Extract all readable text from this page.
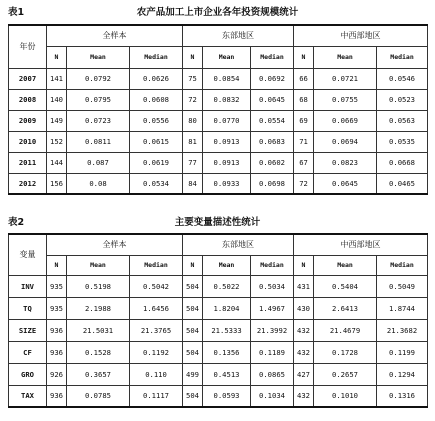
表1	农产品加工上市企业各年投资规模统计
年份	全样本			东部地区			中西部地区		
	N	Mean	Median	N	Mean	Median	N	Mean	Median
2007	141	0.0792	0.0626	75	0.0854	0.0692	66	0.0721	0.0546
2008	140	0.0795	0.0608	72	0.0832	0.0645	68	0.0755	0.0523
2009	149	0.0723	0.0556	80	0.0770	0.0554	69	0.0669	0.0563
2010	152	0.0811	0.0615	81	0.0913	0.0683	71	0.0694	0.0535
2011	144	0.087	0.0619	77	0.0913	0.0602	67	0.0823	0.0668
2012	156	0.08	0.0534	84	0.0933	0.0698	72	0.0645	0.0465
表2	主要变量描述性统计
变量	全样本			东部地区			中西部地区		
	N	Mean	Median	N	Mean	Median	N	Mean	Median
INV	935	0.5198	0.5042	504	0.5022	0.5034	431	0.5404	0.5049
TQ	935	2.1988	1.6456	504	1.8204	1.4967	430	2.6413	1.8744
SIZE	936	21.5031	21.3765	504	21.5333	21.3992	432	21.4679	21.3682
CF	936	0.1528	0.1192	504	0.1356	0.1189	432	0.1728	0.1199
GRO	926	0.3657	0.110	499	0.4513	0.0865	427	0.2657	0.1294
TAX	936	0.0785	0.1117	504	0.0593	0.1034	432	0.1010	0.1316
